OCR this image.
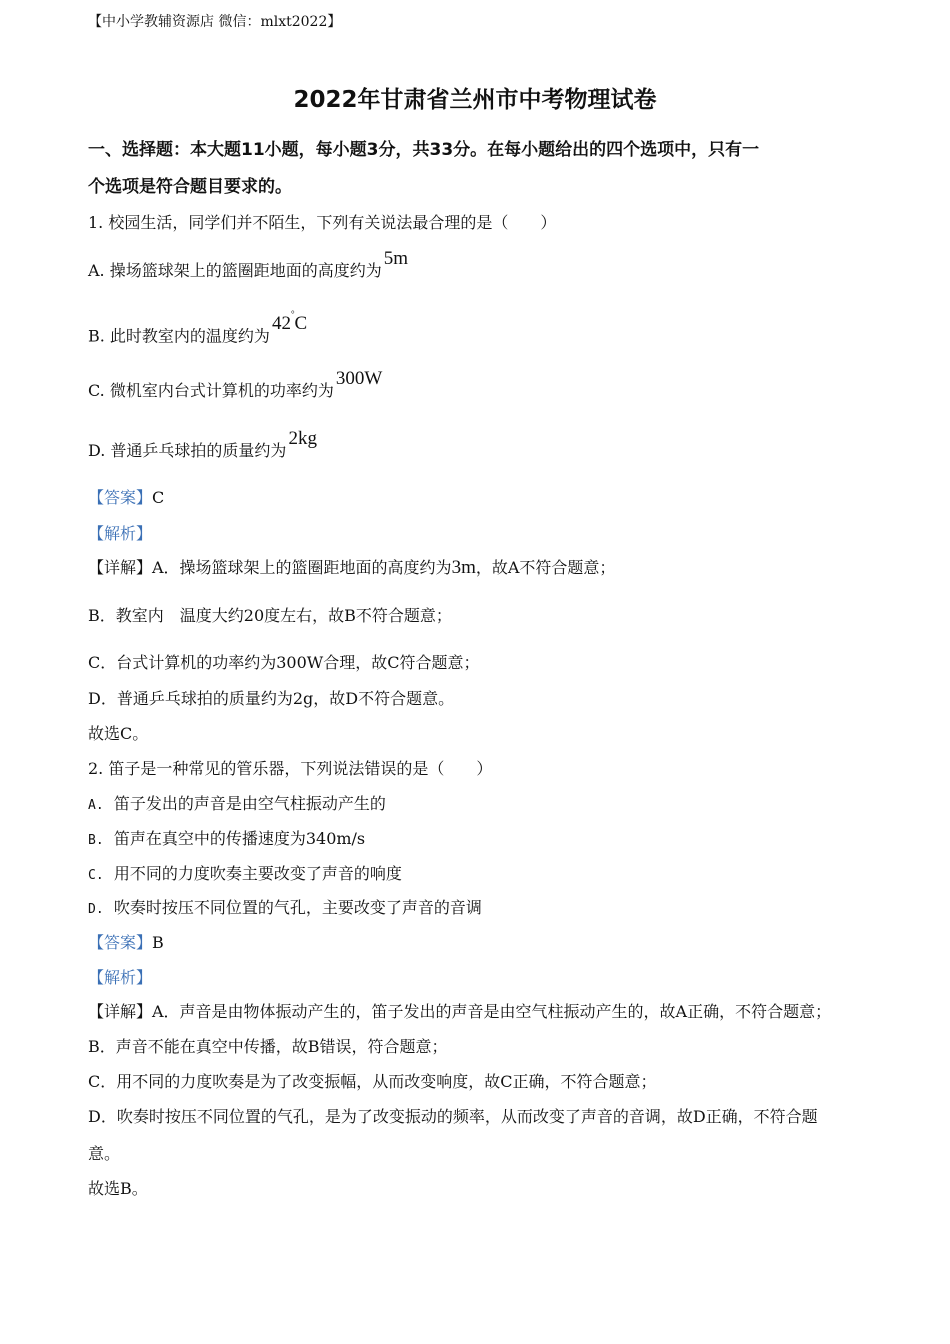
【中小学教辅资源店 微信：mlxt2022】
2022年甘肃省兰州市中考物理试卷
一、选择题：本大题11小题，每小题3分，共33分。在每小题给出的四个选项中，只有一
个选项是符合题目要求的。
1. 校园生活，同学们并不陌生，下列有关说法最合理的是（　　）
A. 操场篮球架上的篮圈距地面的高度约为5m
B. 此时教室内的温度约为42°C
C. 微机室内台式计算机的功率约为300W
D. 普通乒乓球拍的质量约为2kg
【答案】C
【解析】
【详解】A．操场篮球架上的篮圈距地面的高度约为3m，故A不符合题意；
B．教室内　温度大约20度左右，故B不符合题意；
C．台式计算机的功率约为300W合理，故C符合题意；
D．普通乒乓球拍的质量约为2g，故D不符合题意。
故选C。
2. 笛子是一种常见的管乐器，下列说法错误的是（　　）
A. 笛子发出的声音是由空气柱振动产生的
B. 笛声在真空中的传播速度为340m/s
C. 用不同的力度吹奏主要改变了声音的响度
D. 吹奏时按压不同位置的气孔，主要改变了声音的音调
【答案】B
【解析】
【详解】A．声音是由物体振动产生的，笛子发出的声音是由空气柱振动产生的，故A正确，不符合题意；
B．声音不能在真空中传播，故B错误，符合题意；
C．用不同的力度吹奏是为了改变振幅，从而改变响度，故C正确，不符合题意；
D．吹奏时按压不同位置的气孔，是为了改变振动的频率，从而改变了声音的音调，故D正确，不符合题
意。
故选B。
